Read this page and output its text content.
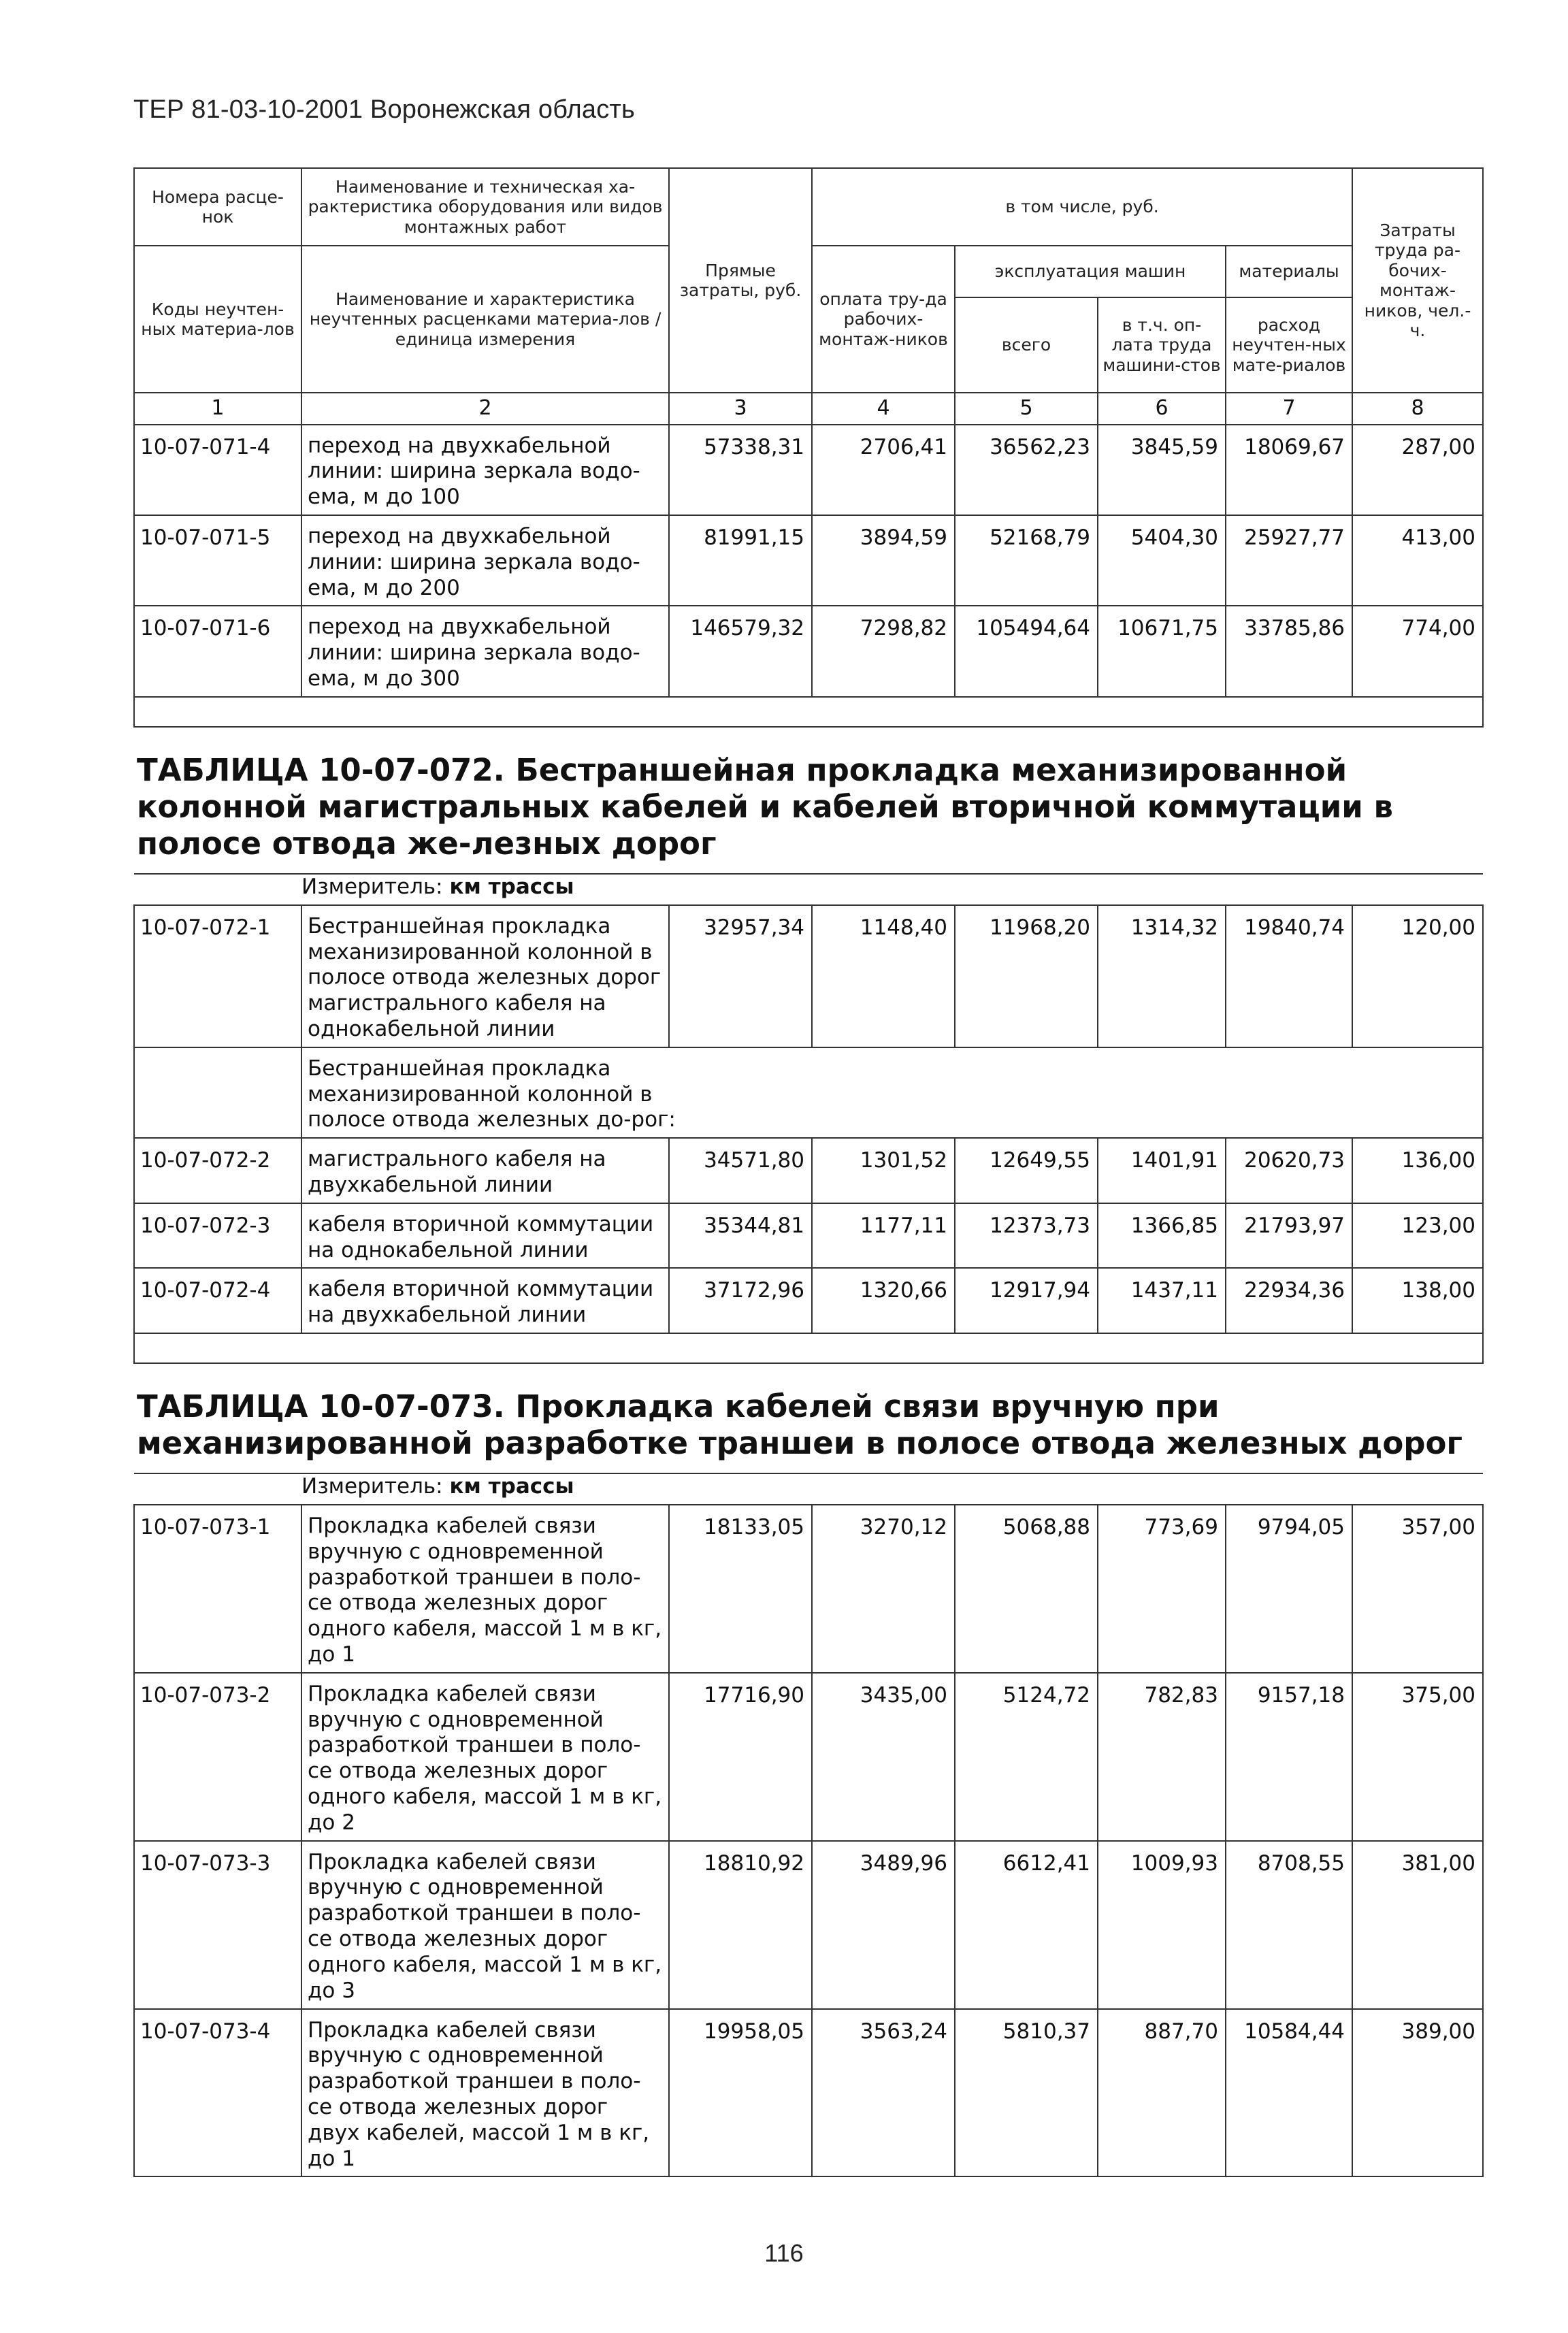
ТЕР 81-03-10-2001 Воронежская область
Номера расце-нок	Наименование и техническая ха-рактеристика оборудования или видов монтажных работ	Прямые затраты, руб.	в том числе, руб.				Затраты труда ра-бочих-монтаж-ников, чел.-ч.
Коды неучтен-ных материа-лов	Наименование и характеристика неучтенных расценками материа-лов / единица измерения						
			оплата тру-да рабочих-монтаж-ников	эксплуатация машин		материалы	
				всего	в т.ч. оп-лата труда машини-стов	расход неучтен-ных мате-риалов	
1	2	3	4	5	6	7	8
10-07-071-4	переход на двухкабельной линии: ширина зеркала водо-ема, м до 100	57338,31	2706,41	36562,23	3845,59	18069,67	287,00
10-07-071-5	переход на двухкабельной линии: ширина зеркала водо-ема, м до 200	81991,15	3894,59	52168,79	5404,30	25927,77	413,00
10-07-071-6	переход на двухкабельной линии: ширина зеркала водо-ема, м до 300	146579,32	7298,82	105494,64	10671,75	33785,86	774,00

ТАБЛИЦА 10-07-072. Бестраншейная прокладка механизированной колонной магистральных кабелей и кабелей вторичной коммутации в полосе отвода же-лезных дорог							

Измеритель: км трассы							

10-07-072-1	Бестраншейная прокладка механизированной колонной в полосе отвода железных дорог магистрального кабеля на однокабельной линии	32957,34	1148,40	11968,20	1314,32	19840,74	120,00
	Бестраншейная прокладка механизированной колонной в полосе отвода железных до-рог:						
10-07-072-2	магистрального кабеля на двухкабельной линии	34571,80	1301,52	12649,55	1401,91	20620,73	136,00
10-07-072-3	кабеля вторичной коммутации на однокабельной линии	35344,81	1177,11	12373,73	1366,85	21793,97	123,00
10-07-072-4	кабеля вторичной коммутации на двухкабельной линии	37172,96	1320,66	12917,94	1437,11	22934,36	138,00

ТАБЛИЦА 10-07-073. Прокладка кабелей связи вручную при механизированной разработке траншеи в полосе отвода железных дорог							

Измеритель: км трассы							

10-07-073-1	Прокладка кабелей связи вручную с одновременной разработкой траншеи в поло-се отвода железных дорог одного кабеля, массой 1 м в кг, до 1	18133,05	3270,12	5068,88	773,69	9794,05	357,00
10-07-073-2	Прокладка кабелей связи вручную с одновременной разработкой траншеи в поло-се отвода железных дорог одного кабеля, массой 1 м в кг, до 2	17716,90	3435,00	5124,72	782,83	9157,18	375,00
10-07-073-3	Прокладка кабелей связи вручную с одновременной разработкой траншеи в поло-се отвода железных дорог одного кабеля, массой 1 м в кг, до 3	18810,92	3489,96	6612,41	1009,93	8708,55	381,00
10-07-073-4	Прокладка кабелей связи вручную с одновременной разработкой траншеи в поло-се отвода железных дорог двух кабелей, массой 1 м в кг, до 1	19958,05	3563,24	5810,37	887,70	10584,44	389,00
116
